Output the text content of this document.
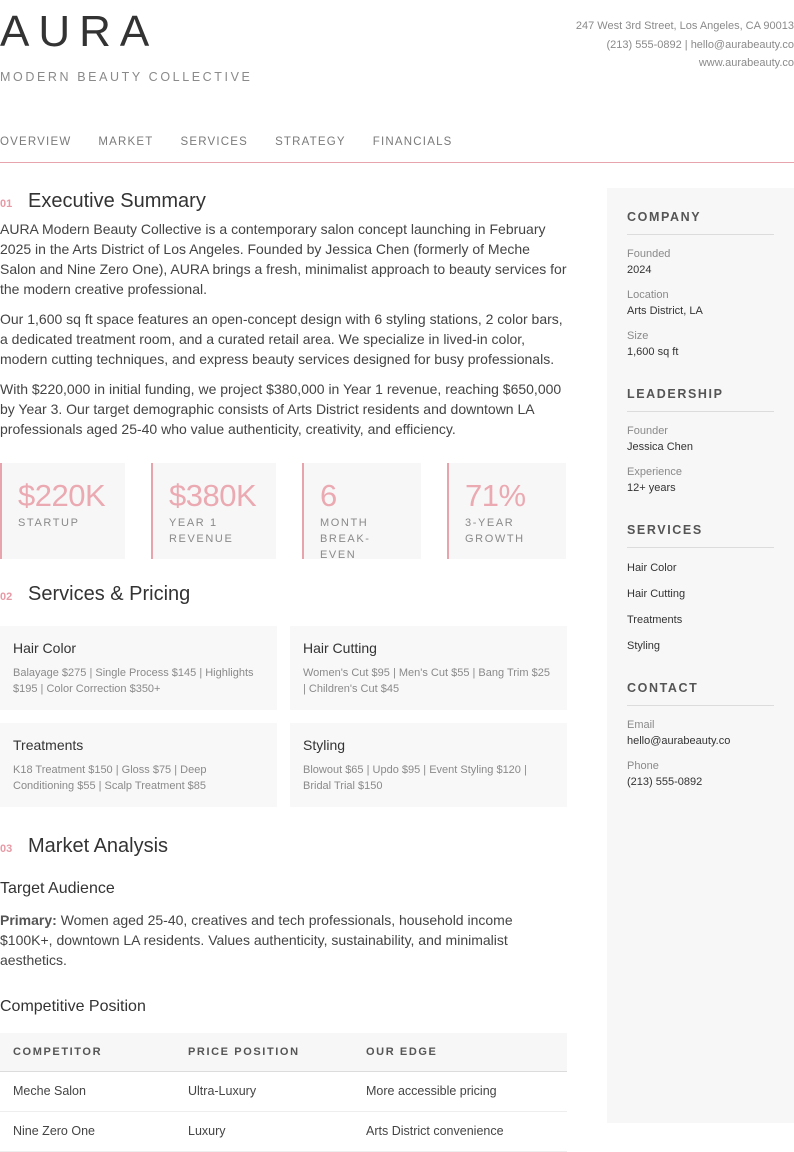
AURA
MODERN BEAUTY COLLECTIVE
247 West 3rd Street, Los Angeles, CA 90013
(213) 555-0892 | hello@aurabeauty.co
www.aurabeauty.co
OVERVIEW MARKET SERVICES STRATEGY FINANCIALS
01 Executive Summary

AURA Modern Beauty Collective is a contemporary salon concept launching in February 2025 in the Arts District of Los Angeles. Founded by Jessica Chen (formerly of Meche Salon and Nine Zero One), AURA brings a fresh, minimalist approach to beauty services for the modern creative professional.

Our 1,600 sq ft space features an open-concept design with 6 styling stations, 2 color bars, a dedicated treatment room, and a curated retail area. We specialize in lived-in color, modern cutting techniques, and express beauty services designed for busy professionals.

With $220,000 in initial funding, we project $380,000 in Year 1 revenue, reaching $650,000 by Year 3. Our target demographic consists of Arts District residents and downtown LA professionals aged 25-40 who value authenticity, creativity, and efficiency.

$220K
STARTUP
$380K
YEAR 1
REVENUE
6
MONTH
BREAK-EVEN
71%
3-YEAR
GROWTH
02 Services & Pricing
Hair Color
Balayage $275 | Single Process $145 | Highlights $195 | Color Correction $350+
Hair Cutting
Women's Cut $95 | Men's Cut $55 | Bang Trim $25 | Children's Cut $45
Treatments
K18 Treatment $150 | Gloss $75 | Deep Conditioning $55 | Scalp Treatment $85
Styling
Blowout $65 | Updo $95 | Event Styling $120 | Bridal Trial $150
03 Market Analysis
Target Audience

Primary: Women aged 25-40, creatives and tech professionals, household income $100K+, downtown LA residents. Values authenticity, sustainability, and minimalist aesthetics.

Competitive Position
COMPETITOR	PRICE POSITION	OUR EDGE
Meche Salon	Ultra-Luxury	More accessible pricing
Nine Zero One	Luxury	Arts District convenience
COMPANY
Founded
2024
Location
Arts District, LA
Size
1,600 sq ft
LEADERSHIP
Founder
Jessica Chen
Experience
12+ years
SERVICES
Hair Color
Hair Cutting
Treatments
Styling
CONTACT
Email
hello@aurabeauty.co
Phone
(213) 555-0892
